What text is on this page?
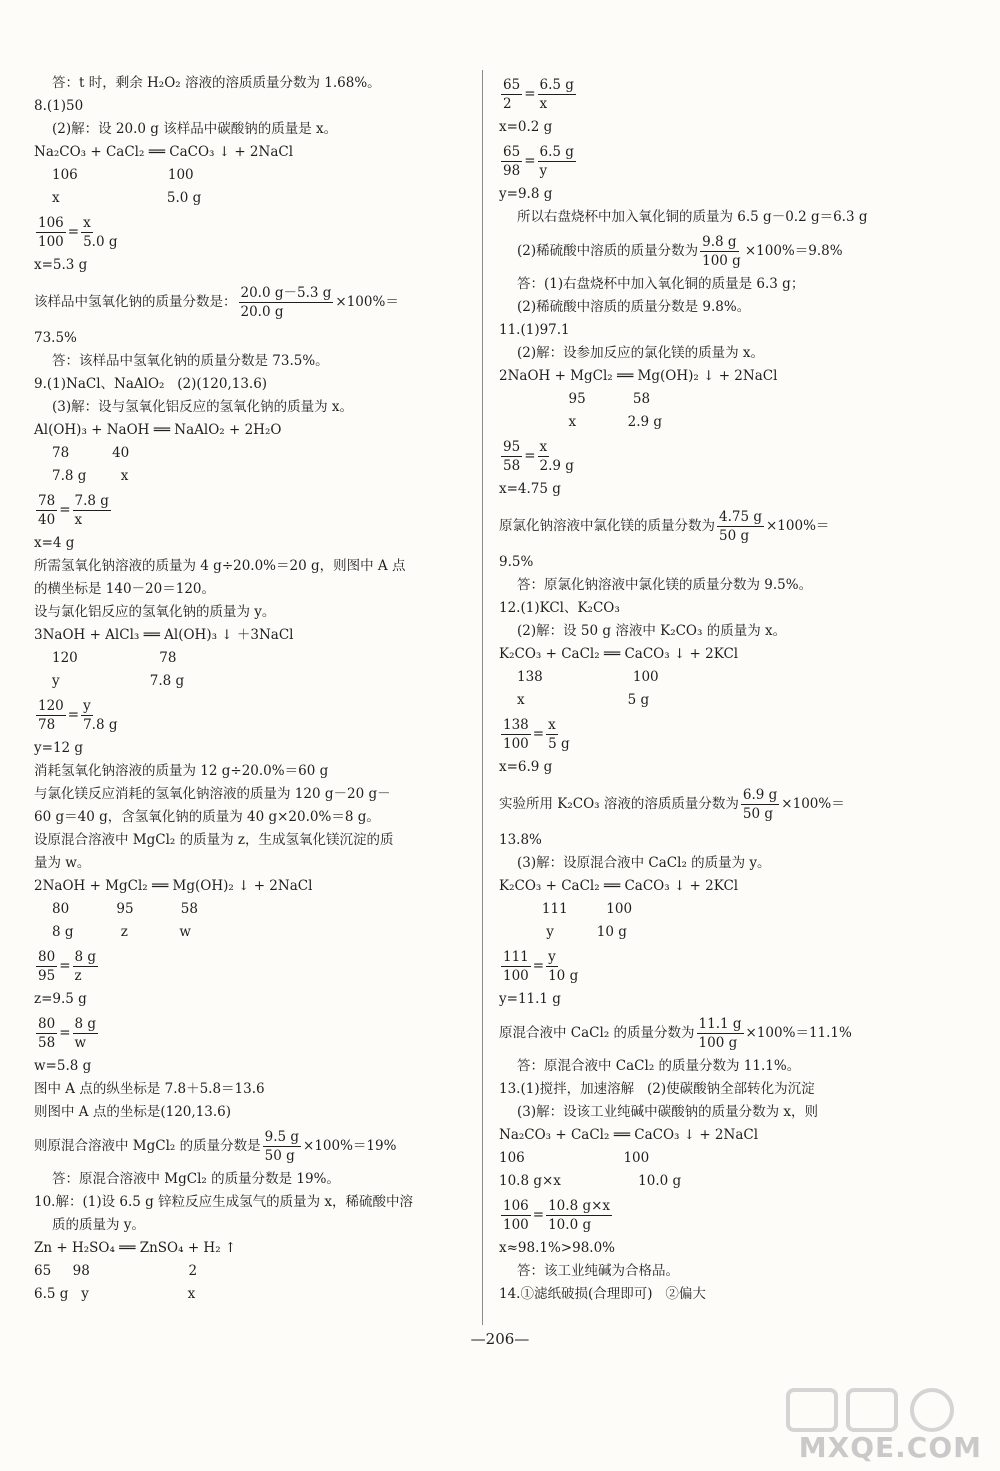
答：t 时，剩余 H₂O₂ 溶液的溶质质量分数为 1.68%。
8.(1)50
(2)解：设 20.0 g 该样品中碳酸钠的质量是 x。
Na₂CO₃ + CaCl₂ ══ CaCO₃ ↓ + 2NaCl
106                     100
x                         5.0 g
$\frac{106}{100} = \frac{x}{5.0 g}$
x=5.3 g
该样品中氢氧化钠的质量分数是： $\frac{20.0 g-5.3 g}{20.0 g} \times 100\%=$
73.5%
答：该样品中氢氧化钠的质量分数是 73.5%。
9.(1)NaCl、NaAlO₂   (2)(120,13.6)
(3)解：设与氢氧化铝反应的氢氧化钠的质量为 x。
Al(OH)₃ + NaOH ══ NaAlO₂ + 2H₂O
78          40
7.8 g        x
$\frac{78}{40} = \frac{7.8 g}{x}$
x=4 g
所需氢氧化钠溶液的质量为 4 g÷20.0%＝20 g，则图中 A 点
的横坐标是 140－20＝120。
设与氯化铝反应的氢氧化钠的质量为 y。
3NaOH + AlCl₃ ══ Al(OH)₃ ↓ ＋3NaCl
120                   78
y                     7.8 g
$\frac{120}{78} = \frac{y}{7.8 g}$
y=12 g
消耗氢氧化钠溶液的质量为 12 g÷20.0%＝60 g
与氯化镁反应消耗的氢氧化钠溶液的质量为 120 g－20 g－
60 g＝40 g，含氢氧化钠的质量为 40 g×20.0%＝8 g。
设原混合溶液中 MgCl₂ 的质量为 z，生成氢氧化镁沉淀的质
量为 w。
2NaOH + MgCl₂ ══ Mg(OH)₂ ↓ + 2NaCl
80           95           58
8 g           z            w
$\frac{80}{95} = \frac{8 g}{z}$
z=9.5 g
$\frac{80}{58} = \frac{8 g}{w}$
w=5.8 g
图中 A 点的纵坐标是 7.8＋5.8＝13.6
则图中 A 点的坐标是(120,13.6)
则原混合溶液中 MgCl₂ 的质量分数是 $\frac{9.5 g}{50 g} \times 100\%=19\%$
答：原混合溶液中 MgCl₂ 的质量分数是 19%。
10.解：(1)设 6.5 g 锌粒反应生成氢气的质量为 x，稀硫酸中溶
质的质量为 y。
Zn + H₂SO₄ ══ ZnSO₄ + H₂ ↑
65     98                       2
6.5 g   y                       x
$\frac{65}{2} = \frac{6.5 g}{x}$
x=0.2 g
$\frac{65}{98} = \frac{6.5 g}{y}$
y=9.8 g
所以右盘烧杯中加入氧化铜的质量为 6.5 g－0.2 g＝6.3 g
(2)稀硫酸中溶质的质量分数为 $\frac{9.8 g}{100 g} \times 100\%=9.8\%$
答：(1)右盘烧杯中加入氧化铜的质量是 6.3 g；
(2)稀硫酸中溶质的质量分数是 9.8%。
11.(1)97.1
(2)解：设参加反应的氯化镁的质量为 x。
2NaOH + MgCl₂ ══ Mg(OH)₂ ↓ + 2NaCl
95           58
x            2.9 g
$\frac{95}{58} = \frac{x}{2.9 g}$
x=4.75 g
原氯化钠溶液中氯化镁的质量分数为 $\frac{4.75 g}{50 g} \times 100\%=$
9.5%
答：原氯化钠溶液中氯化镁的质量分数为 9.5%。
12.(1)KCl、K₂CO₃
(2)解：设 50 g 溶液中 K₂CO₃ 的质量为 x。
K₂CO₃ + CaCl₂ ══ CaCO₃ ↓ + 2KCl
138                     100
x                        5 g
$\frac{138}{100} = \frac{x}{5 g}$
x=6.9 g
实验所用 K₂CO₃ 溶液的溶质质量分数为 $\frac{6.9 g}{50 g} \times 100\%=$
13.8%
(3)解：设原混合液中 CaCl₂ 的质量为 y。
K₂CO₃ + CaCl₂ ══ CaCO₃ ↓ + 2KCl
111         100
y          10 g
$\frac{111}{100} = \frac{y}{10 g}$
y=11.1 g
原混合液中 CaCl₂ 的质量分数为 $\frac{11.1 g}{100 g} \times 100\%=11.1\%$
答：原混合液中 CaCl₂ 的质量分数为 11.1%。
13.(1)搅拌，加速溶解   (2)使碳酸钠全部转化为沉淀
(3)解：设该工业纯碱中碳酸钠的质量分数为 x，则
Na₂CO₃ + CaCl₂ ══ CaCO₃ ↓ + 2NaCl
106                       100
10.8 g×x                  10.0 g
$\frac{106}{100} = \frac{10.8 g\times x}{10.0 g}$
x≈98.1%>98.0%
答：该工业纯碱为合格品。
14.①滤纸破损(合理即可)   ②偏大
—206—
MXQE.COM
